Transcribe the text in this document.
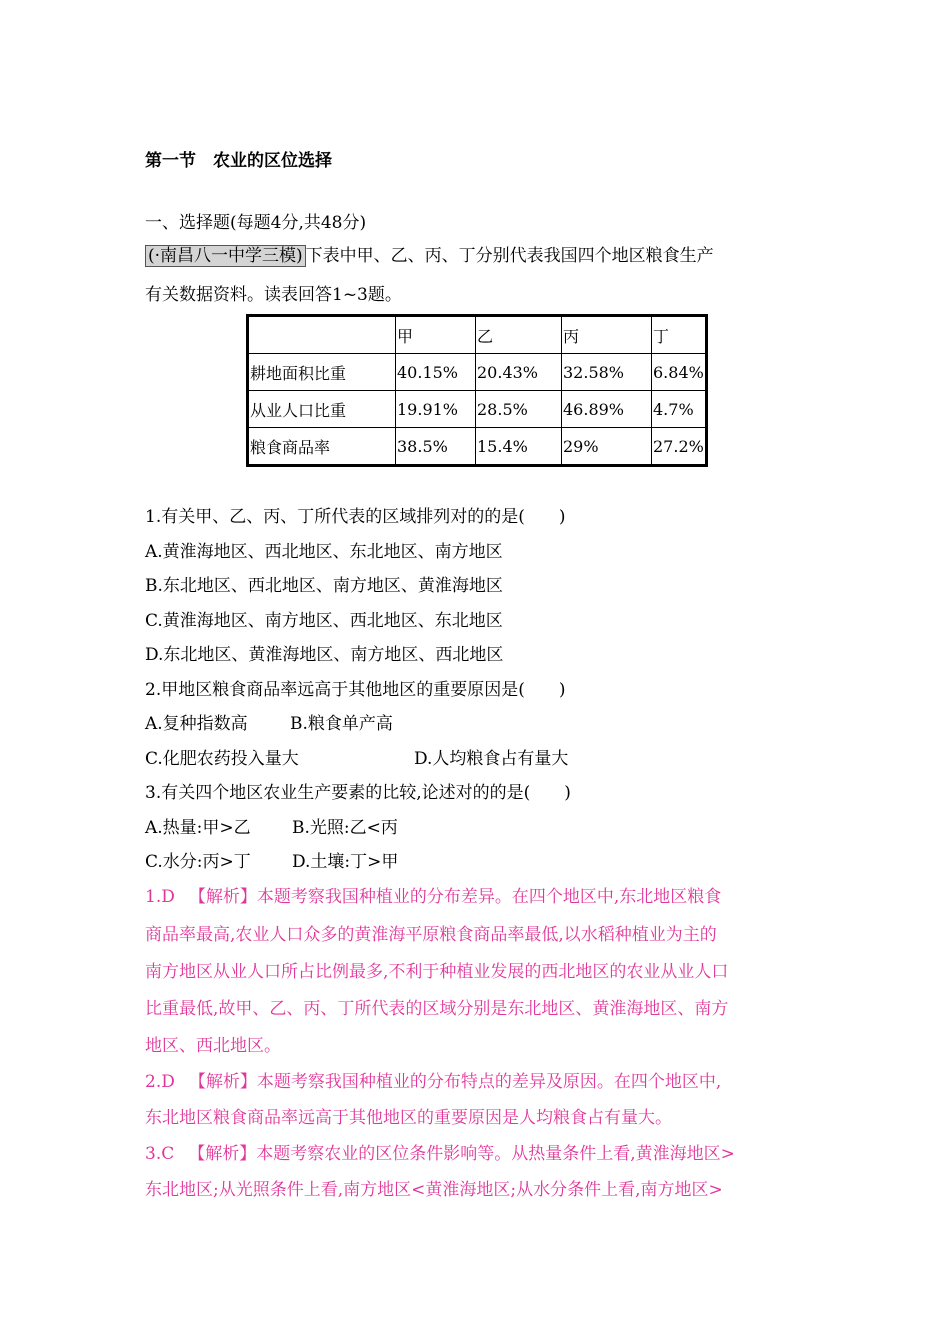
第一节　农业的区位选择
一、选择题(每题4分,共48分)
(·南昌八一中学三模) 下表中甲、乙、丙、丁分别代表我国四个地区粮食生产
有关数据资料。读表回答1~3题。
	甲	乙	丙	丁
耕地面积比重	40.15%	20.43%	32.58%	6.84%
从业人口比重	19.91%	28.5%	46.89%	4.7%
粮食商品率	38.5%	15.4%	29%	27.2%
1.有关甲、乙、丙、丁所代表的区域排列对的的是(　　)
A.黄淮海地区、西北地区、东北地区、南方地区
B.东北地区、西北地区、南方地区、黄淮海地区
C.黄淮海地区、南方地区、西北地区、东北地区
D.东北地区、黄淮海地区、南方地区、西北地区
2.甲地区粮食商品率远高于其他地区的重要原因是(　　)
A.复种指数高 B.粮食单产高
C.化肥农药投入量大	D.人均粮食占有量大
3.有关四个地区农业生产要素的比较,论述对的的是(　　)
A.热量:甲>乙 B.光照:乙<丙
C.水分:丙>丁 D.土壤:丁>甲
1.D 【解析】本题考察我国种植业的分布差异。在四个地区中,东北地区粮食
商品率最高,农业人口众多的黄淮海平原粮食商品率最低,以水稻种植业为主的
南方地区从业人口所占比例最多,不利于种植业发展的西北地区的农业从业人口
比重最低,故甲、乙、丙、丁所代表的区域分别是东北地区、黄淮海地区、南方
地区、西北地区。
2.D 【解析】本题考察我国种植业的分布特点的差异及原因。在四个地区中,
东北地区粮食商品率远高于其他地区的重要原因是人均粮食占有量大。
3.C 【解析】本题考察农业的区位条件影响等。从热量条件上看,黄淮海地区>
东北地区;从光照条件上看,南方地区<黄淮海地区;从水分条件上看,南方地区>
